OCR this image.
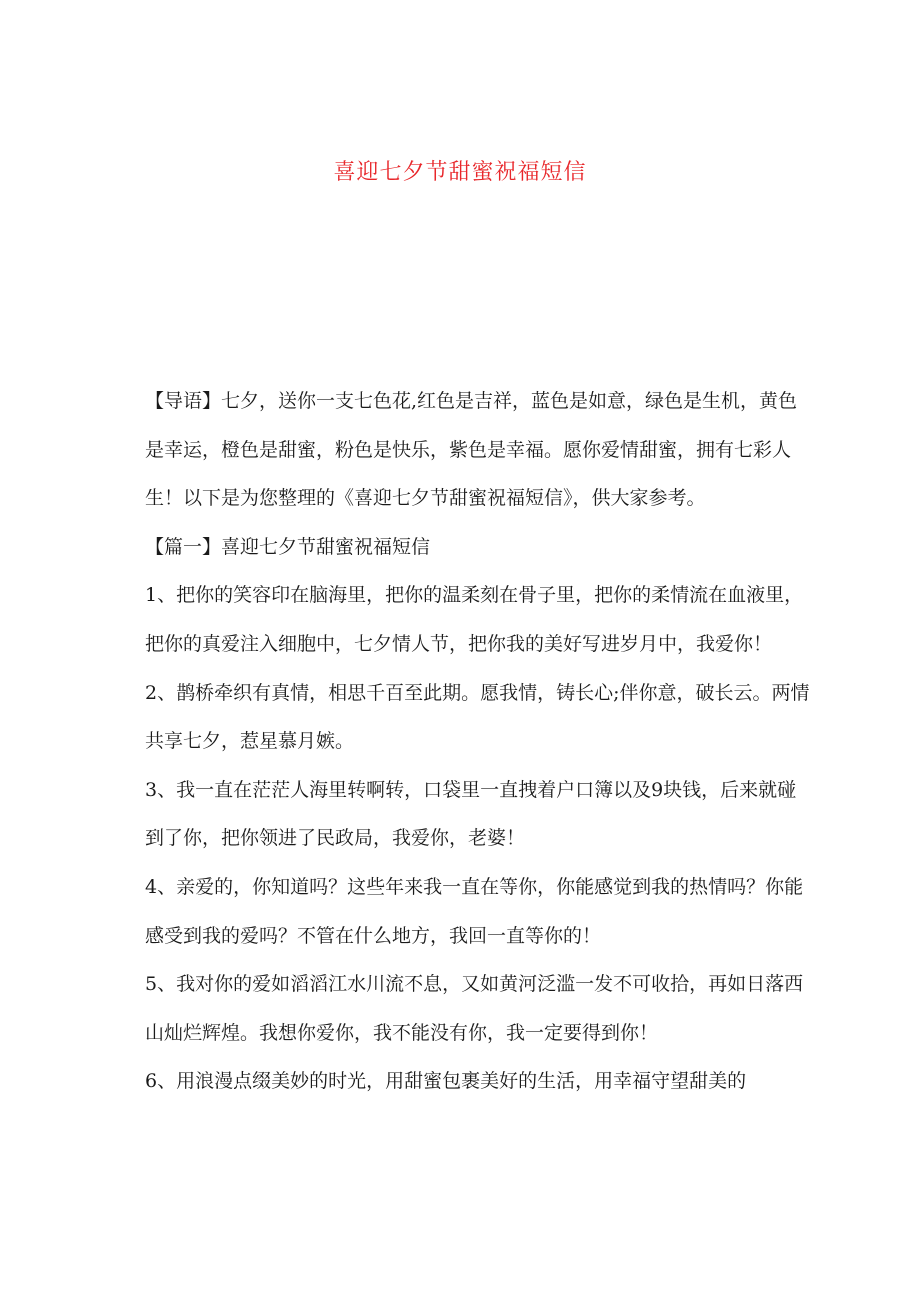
喜迎七夕节甜蜜祝福短信

【导语】七夕，送你一支七色花,红色是吉祥，蓝色是如意，绿色是生机，黄色是幸运，橙色是甜蜜，粉色是快乐，紫色是幸福。愿你爱情甜蜜，拥有七彩人生！以下是为您整理的《喜迎七夕节甜蜜祝福短信》，供大家参考。

【篇一】喜迎七夕节甜蜜祝福短信

1、把你的笑容印在脑海里，把你的温柔刻在骨子里，把你的柔情流在血液里，把你的真爱注入细胞中，七夕情人节，把你我的美好写进岁月中，我爱你！

2、鹊桥牵织有真情，相思千百至此期。愿我情，铸长心;伴你意，破长云。两情共享七夕，惹星慕月嫉。

3、我一直在茫茫人海里转啊转，口袋里一直拽着户口簿以及9块钱，后来就碰到了你，把你领进了民政局，我爱你，老婆！

4、亲爱的，你知道吗？这些年来我一直在等你，你能感觉到我的热情吗？你能感受到我的爱吗？不管在什么地方，我回一直等你的！

5、我对你的爱如滔滔江水川流不息，又如黄河泛滥一发不可收拾，再如日落西山灿烂辉煌。我想你爱你，我不能没有你，我一定要得到你！

6、用浪漫点缀美妙的时光，用甜蜜包裹美好的生活，用幸福守望甜美的
